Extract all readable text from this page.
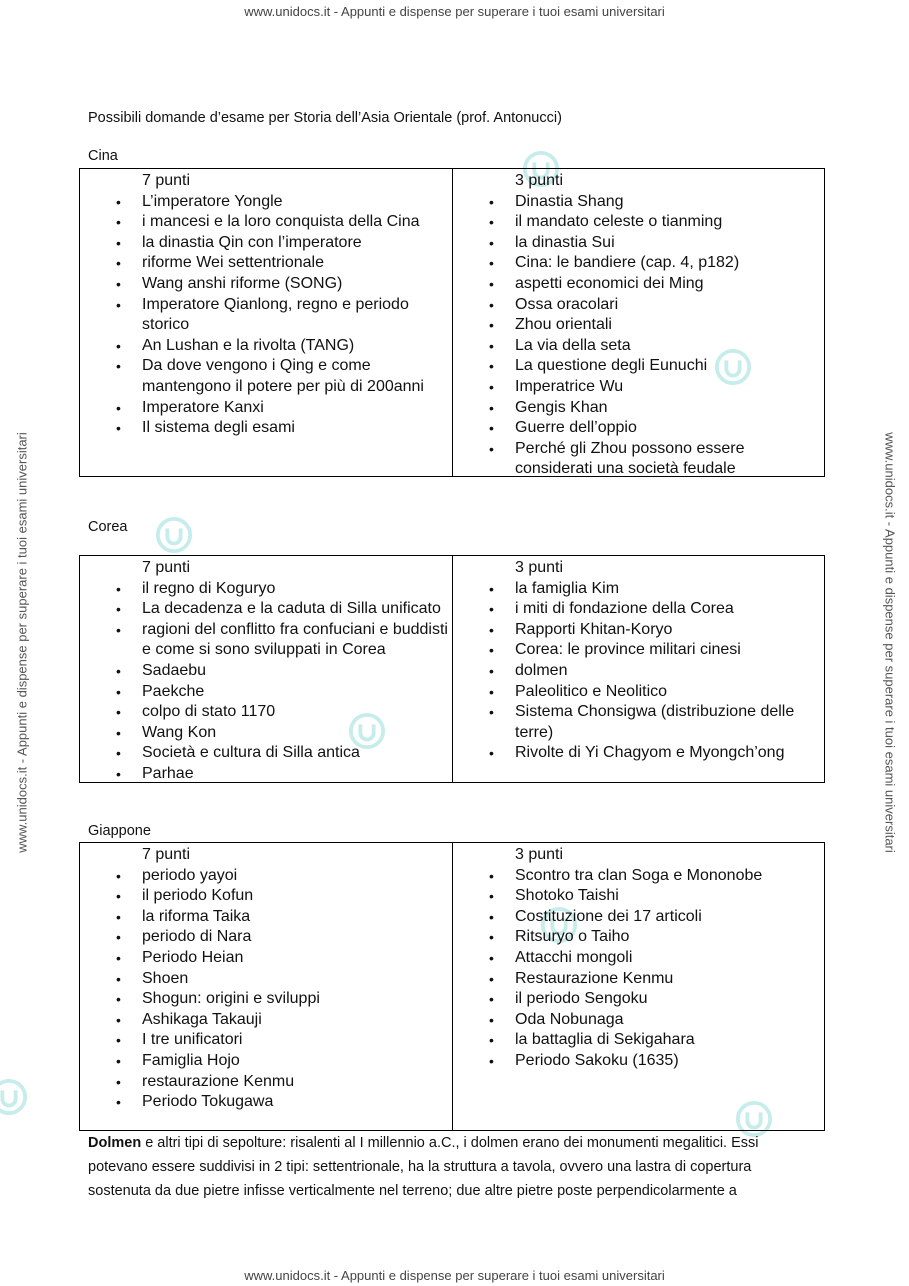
www.unidocs.it - Appunti e dispense per superare i tuoi esami universitari
www.unidocs.it - Appunti e dispense per superare i tuoi esami universitari
www.unidocs.it - Appunti e dispense per superare i tuoi esami universitari	www.unidocs.it - Appunti e dispense per superare i tuoi esami universitari
Possibili domande d’esame per Storia dell’Asia Orientale (prof. Antonucci)
Cina
7 punti
• L’imperatore Yongle
• i mancesi e la loro conquista della Cina
• la dinastia Qin con l’imperatore
• riforme Wei settentrionale
• Wang anshi riforme (SONG)
• Imperatore Qianlong, regno e periodo storico
• An Lushan e la rivolta (TANG)
• Da dove vengono i Qing e come mantengono il potere per più di 200anni
• Imperatore Kanxi
• Il sistema degli esami
3 punti
• Dinastia Shang
• il mandato celeste o tianming
• la dinastia Sui
• Cina: le bandiere (cap. 4, p182)
• aspetti economici dei Ming
• Ossa oracolari
• Zhou orientali
• La via della seta
• La questione degli Eunuchi
• Imperatrice Wu
• Gengis Khan
• Guerre dell’oppio
• Perché gli Zhou possono essere considerati una società feudale
Corea
7 punti
• il regno di Koguryo
• La decadenza e la caduta di Silla unificato
• ragioni del conflitto fra confuciani e buddisti e come si sono sviluppati in Corea
• Sadaebu
• Paekche
• colpo di stato 1170
• Wang Kon
• Società e cultura di Silla antica
• Parhae
3 punti
• la famiglia Kim
• i miti di fondazione della Corea
• Rapporti Khitan-Koryo
• Corea: le province militari cinesi
• dolmen
• Paleolitico e Neolitico
• Sistema Chonsigwa (distribuzione delle terre)
• Rivolte di Yi Chagyom e Myongch’ong
Giappone
7 punti
• periodo yayoi
• il periodo Kofun
• la riforma Taika
• periodo di Nara
• Periodo Heian
• Shoen
• Shogun: origini e sviluppi
• Ashikaga Takauji
• I tre unificatori
• Famiglia Hojo
• restaurazione Kenmu
• Periodo Tokugawa
3 punti
• Scontro tra clan Soga e Mononobe
• Shotoko Taishi
• Costituzione dei 17 articoli
• Ritsuryo o Taiho
• Attacchi mongoli
• Restaurazione Kenmu
• il periodo Sengoku
• Oda Nobunaga
• la battaglia di Sekigahara
• Periodo Sakoku (1635)
Dolmen e altri tipi di sepolture: risalenti al I millennio a.C., i dolmen erano dei monumenti megalitici. Essi potevano essere suddivisi in 2 tipi: settentrionale, ha la struttura a tavola, ovvero una lastra di copertura sostenuta da due pietre infisse verticalmente nel terreno; due altre pietre poste perpendicolarmente a
